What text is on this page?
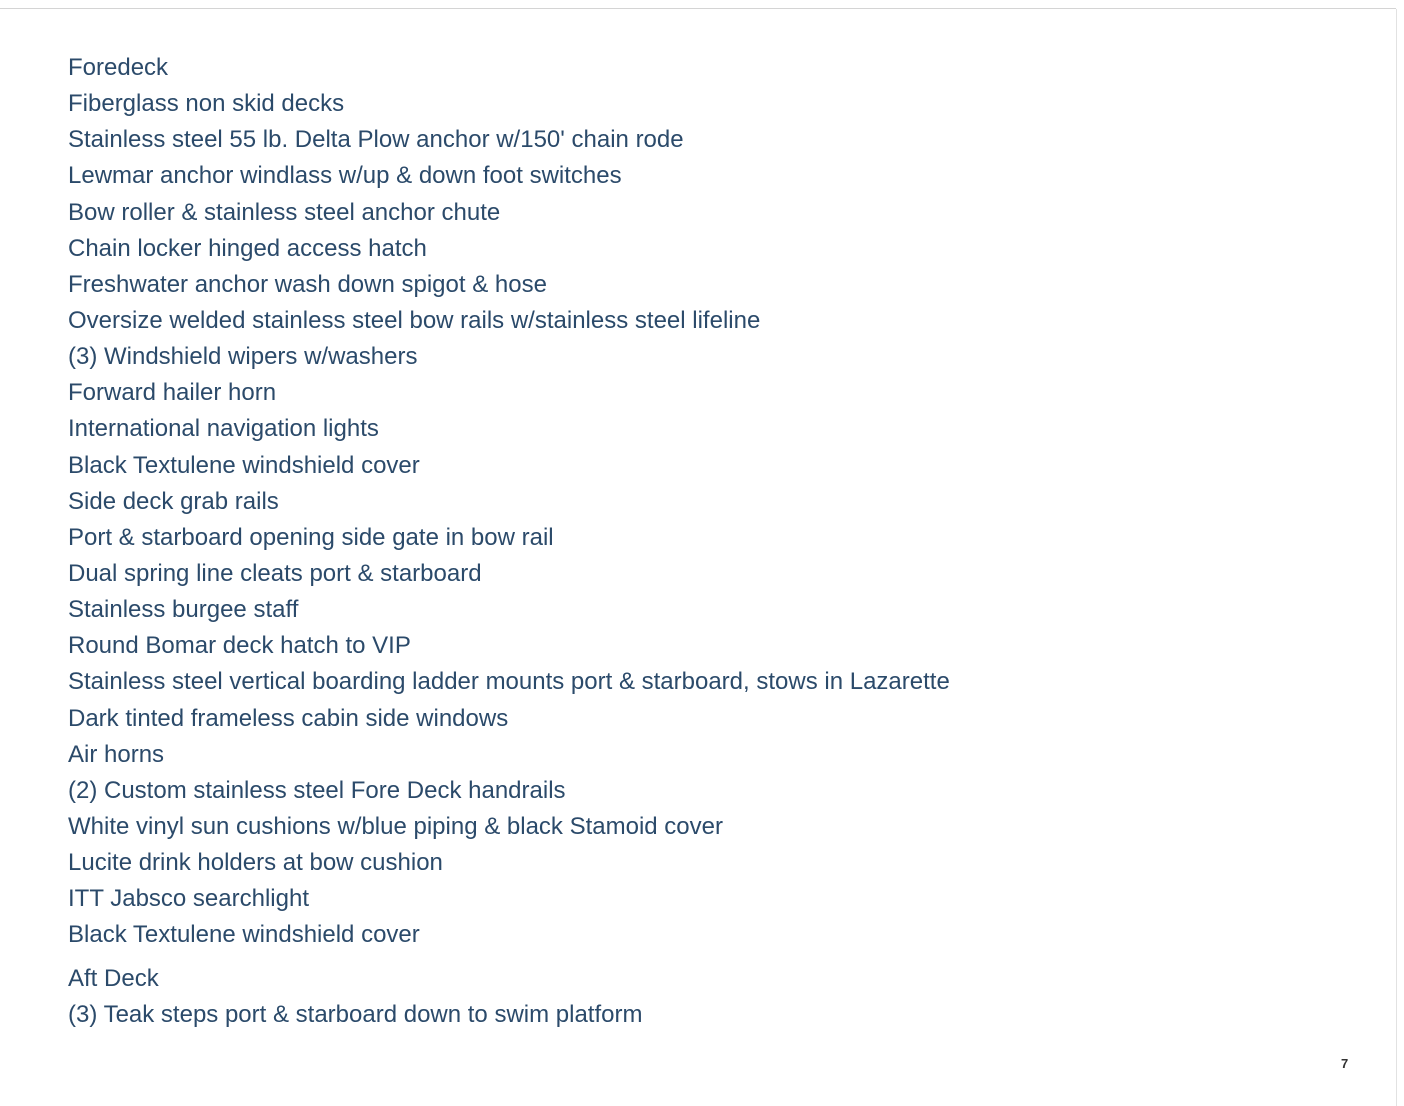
Foredeck
Fiberglass non skid decks
Stainless steel 55 lb. Delta Plow anchor w/150' chain rode
Lewmar anchor windlass w/up & down foot switches
Bow roller & stainless steel anchor chute
Chain locker hinged access hatch
Freshwater anchor wash down spigot & hose
Oversize welded stainless steel bow rails w/stainless steel lifeline
(3) Windshield wipers w/washers
Forward hailer horn
International navigation lights
Black Textulene windshield cover
Side deck grab rails
Port & starboard opening side gate in bow rail
Dual spring line cleats port & starboard
Stainless burgee staff
Round Bomar deck hatch to VIP
Stainless steel vertical boarding ladder mounts port & starboard, stows in Lazarette
Dark tinted frameless cabin side windows
Air horns
(2) Custom stainless steel Fore Deck handrails
White vinyl sun cushions w/blue piping & black Stamoid cover
Lucite drink holders at bow cushion
ITT Jabsco searchlight
Black Textulene windshield cover
Aft Deck
(3) Teak steps port & starboard down to swim platform
7
